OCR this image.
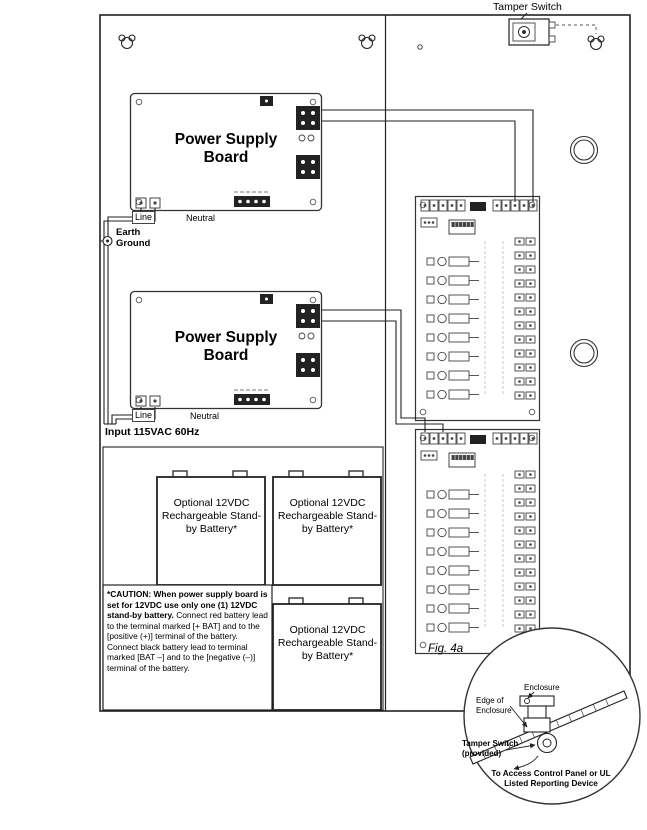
Tamper Switch
Power Supply Board
Line	Neutral
Earth Ground
Power Supply Board
Line	Neutral
Input 115VAC 60Hz
Optional 12VDC Rechargeable Stand-by Battery*
Optional 12VDC Rechargeable Stand-by Battery*
Optional 12VDC Rechargeable Stand-by Battery*
*CAUTION: When power supply board is set for 12VDC use only one (1) 12VDC stand-by battery. Connect red battery lead to the terminal marked [+ BAT] and to the [positive (+)] terminal of the battery. Connect black battery lead to terminal marked [BAT –] and to the [negative (–)] terminal of the battery.
Fig. 4a
Enclosure
Edge of Enclosure
Tamper Switch (provided)
To Access Control Panel or UL Listed Reporting Device
